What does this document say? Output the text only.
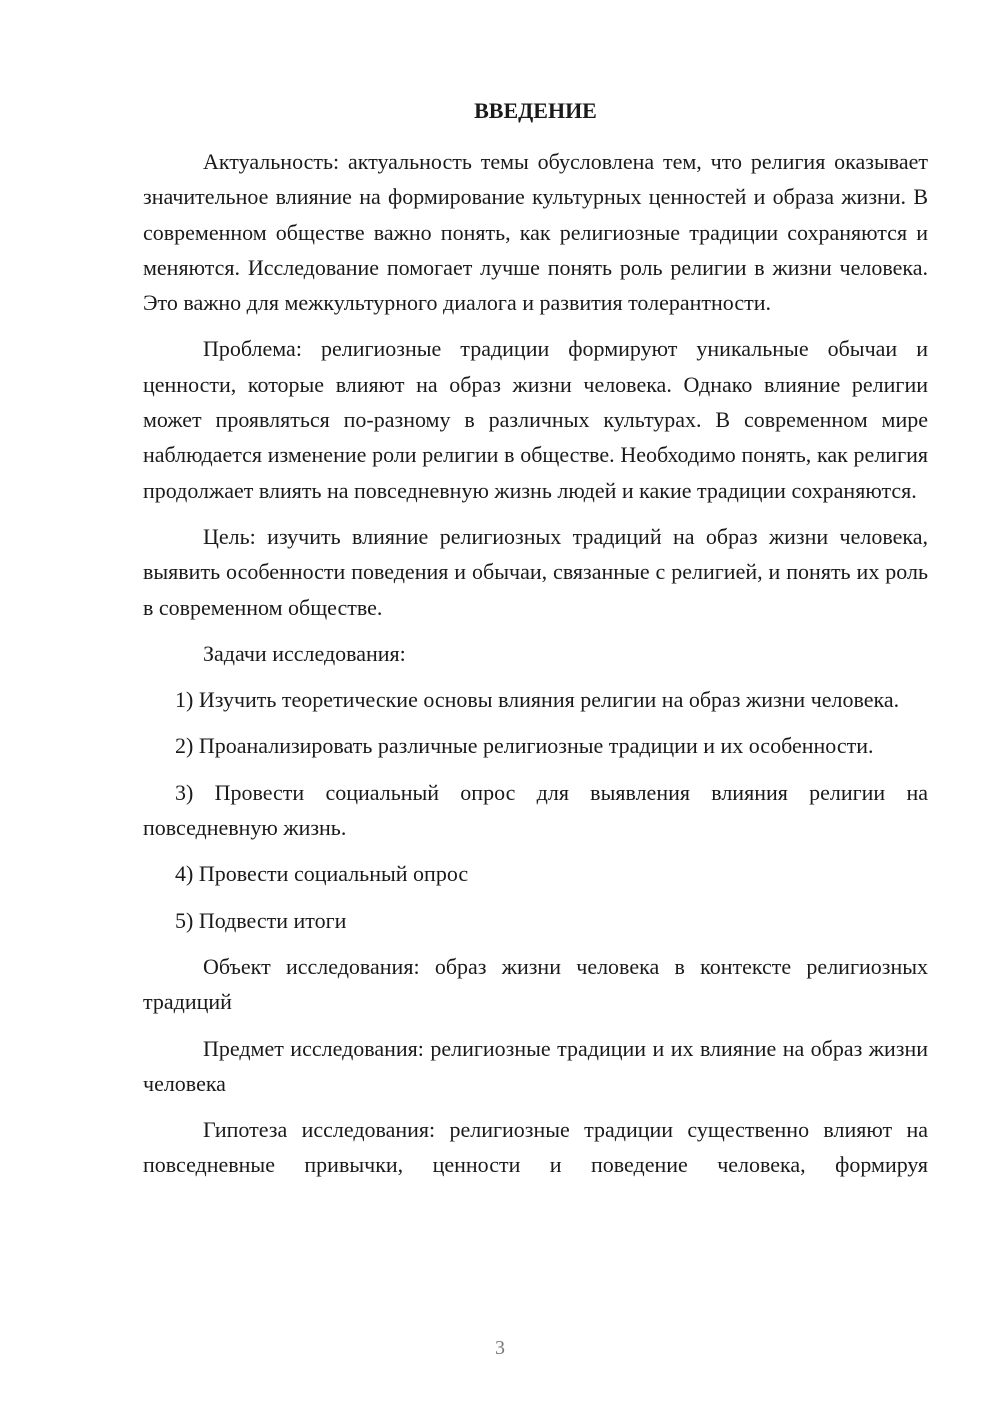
ВВЕДЕНИЕ

Актуальность: актуальность темы обусловлена тем, что религия оказывает значительное влияние на формирование культурных ценностей и образа жизни. В современном обществе важно понять, как религиозные традиции сохраняются и меняются. Исследование помогает лучше понять роль религии в жизни человека. Это важно для межкультурного диалога и развития толерантности.

Проблема: религиозные традиции формируют уникальные обычаи и ценности, которые влияют на образ жизни человека. Однако влияние религии может проявляться по-разному в различных культурах. В современном мире наблюдается изменение роли религии в обществе. Необходимо понять, как религия продолжает влиять на повседневную жизнь людей и какие традиции сохраняются.

Цель: изучить влияние религиозных традиций на образ жизни человека, выявить особенности поведения и обычаи, связанные с религией, и понять их роль в современном обществе.

Задачи исследования:

1) Изучить теоретические основы влияния религии на образ жизни человека.

2) Проанализировать различные религиозные традиции и их особенности.

3) Провести социальный опрос для выявления влияния религии на повседневную жизнь.

4) Провести социальный опрос

5) Подвести итоги

Объект исследования: образ жизни человека в контексте религиозных традиций

Предмет исследования: религиозные традиции и их влияние на образ жизни человека

Гипотеза исследования: религиозные традиции существенно влияют на повседневные привычки, ценности и поведение человека, формируя

3
